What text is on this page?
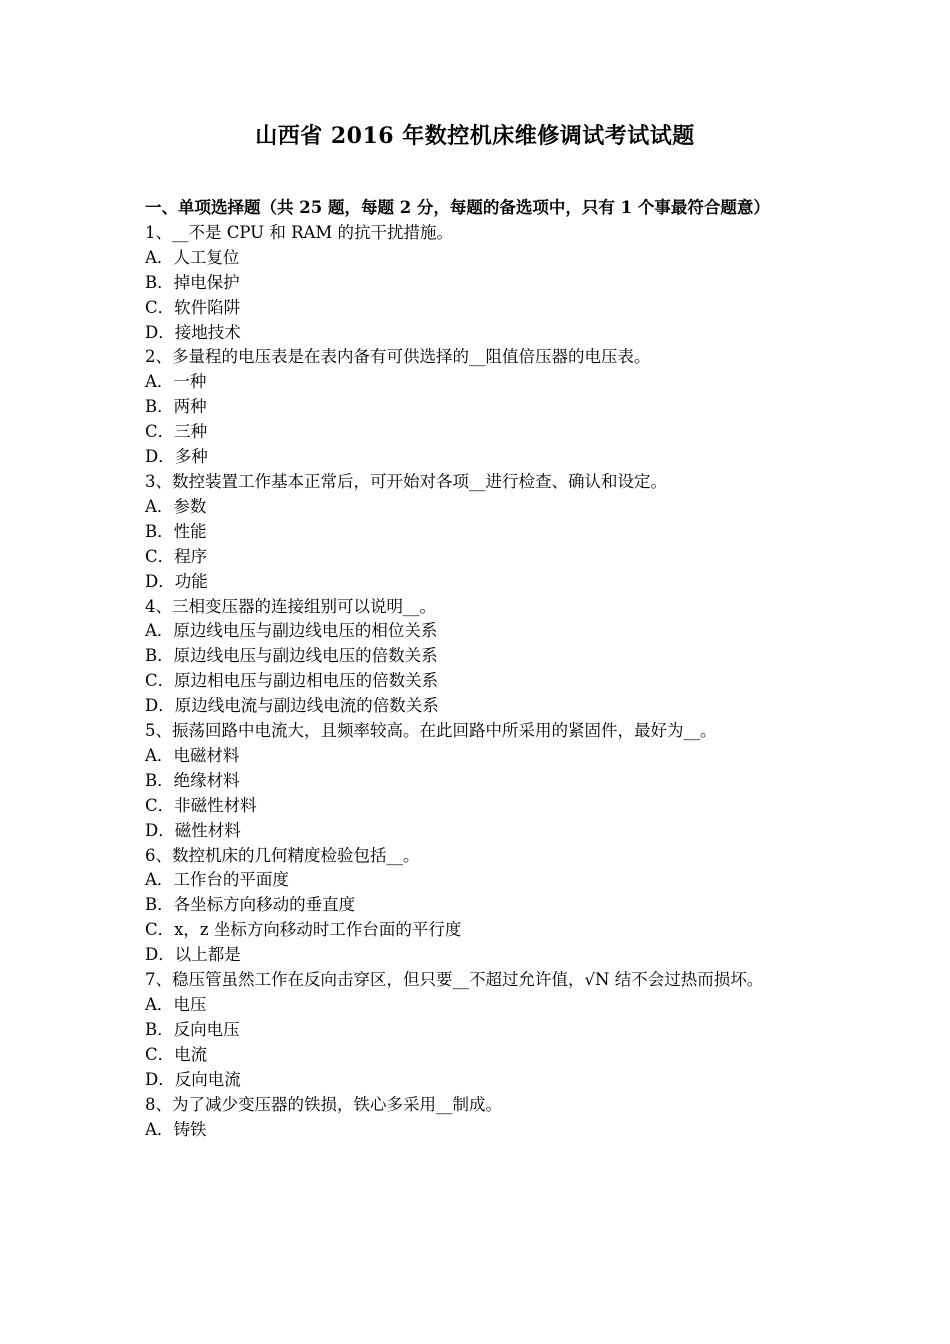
山西省 2016 年数控机床维修调试考试试题
一、单项选择题（共 25 题，每题 2 分，每题的备选项中，只有 1 个事最符合题意）
1、__不是 CPU 和 RAM 的抗干扰措施。
A．人工复位
B．掉电保护
C．软件陷阱
D．接地技术
2、多量程的电压表是在表内备有可供选择的__阻值倍压器的电压表。
A．一种
B．两种
C．三种
D．多种
3、数控装置工作基本正常后，可开始对各项__进行检查、确认和设定。
A．参数
B．性能
C．程序
D．功能
4、三相变压器的连接组别可以说明__。
A．原边线电压与副边线电压的相位关系
B．原边线电压与副边线电压的倍数关系
C．原边相电压与副边相电压的倍数关系
D．原边线电流与副边线电流的倍数关系
5、振荡回路中电流大，且频率较高。在此回路中所采用的紧固件，最好为__。
A．电磁材料
B．绝缘材料
C．非磁性材料
D．磁性材料
6、数控机床的几何精度检验包括__。
A．工作台的平面度
B．各坐标方向移动的垂直度
C．x，z 坐标方向移动时工作台面的平行度
D．以上都是
7、稳压管虽然工作在反向击穿区，但只要__不超过允许值，√N 结不会过热而损坏。
A．电压
B．反向电压
C．电流
D．反向电流
8、为了减少变压器的铁损，铁心多采用__制成。
A．铸铁
